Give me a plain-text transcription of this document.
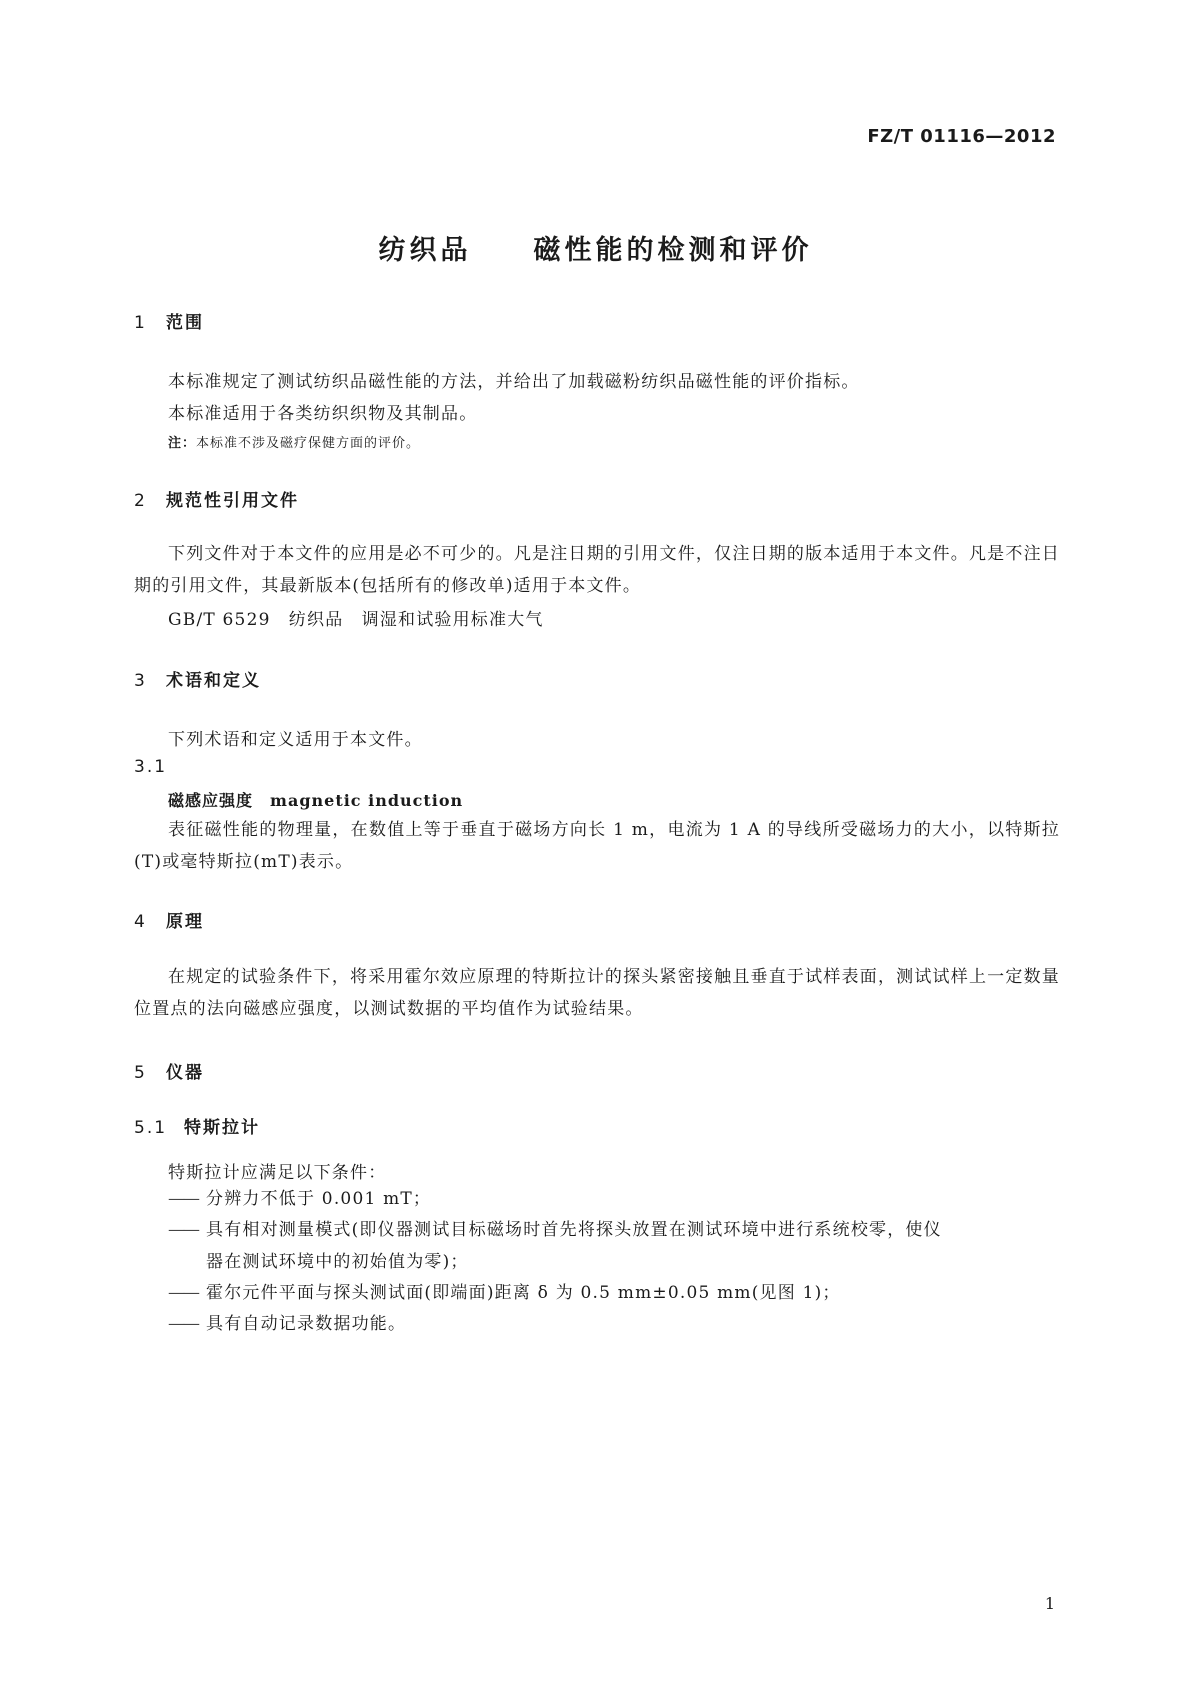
FZ/T 01116—2012
纺织品　　磁性能的检测和评价
1 范围
本标准规定了测试纺织品磁性能的方法，并给出了加载磁粉纺织品磁性能的评价指标。
本标准适用于各类纺织织物及其制品。
注：本标准不涉及磁疗保健方面的评价。
2 规范性引用文件
下列文件对于本文件的应用是必不可少的。凡是注日期的引用文件，仅注日期的版本适用于本文件。凡是不注日期的引用文件，其最新版本(包括所有的修改单)适用于本文件。
GB/T 6529　纺织品　调湿和试验用标准大气
3 术语和定义
下列术语和定义适用于本文件。
3.1
磁感应强度　 magnetic induction
表征磁性能的物理量，在数值上等于垂直于磁场方向长 1 m，电流为 1 A 的导线所受磁场力的大小，以特斯拉(T)或毫特斯拉(mT)表示。
4 原理
在规定的试验条件下，将采用霍尔效应原理的特斯拉计的探头紧密接触且垂直于试样表面，测试试样上一定数量位置点的法向磁感应强度，以测试数据的平均值作为试验结果。
5 仪器
5.1 特斯拉计
特斯拉计应满足以下条件：
—— 分辨力不低于 0.001 mT；
—— 具有相对测量模式(即仪器测试目标磁场时首先将探头放置在测试环境中进行系统校零，使仪
器在测试环境中的初始值为零)；
—— 霍尔元件平面与探头测试面(即端面)距离 δ 为 0.5 mm±0.05 mm(见图 1)；
—— 具有自动记录数据功能。
1
